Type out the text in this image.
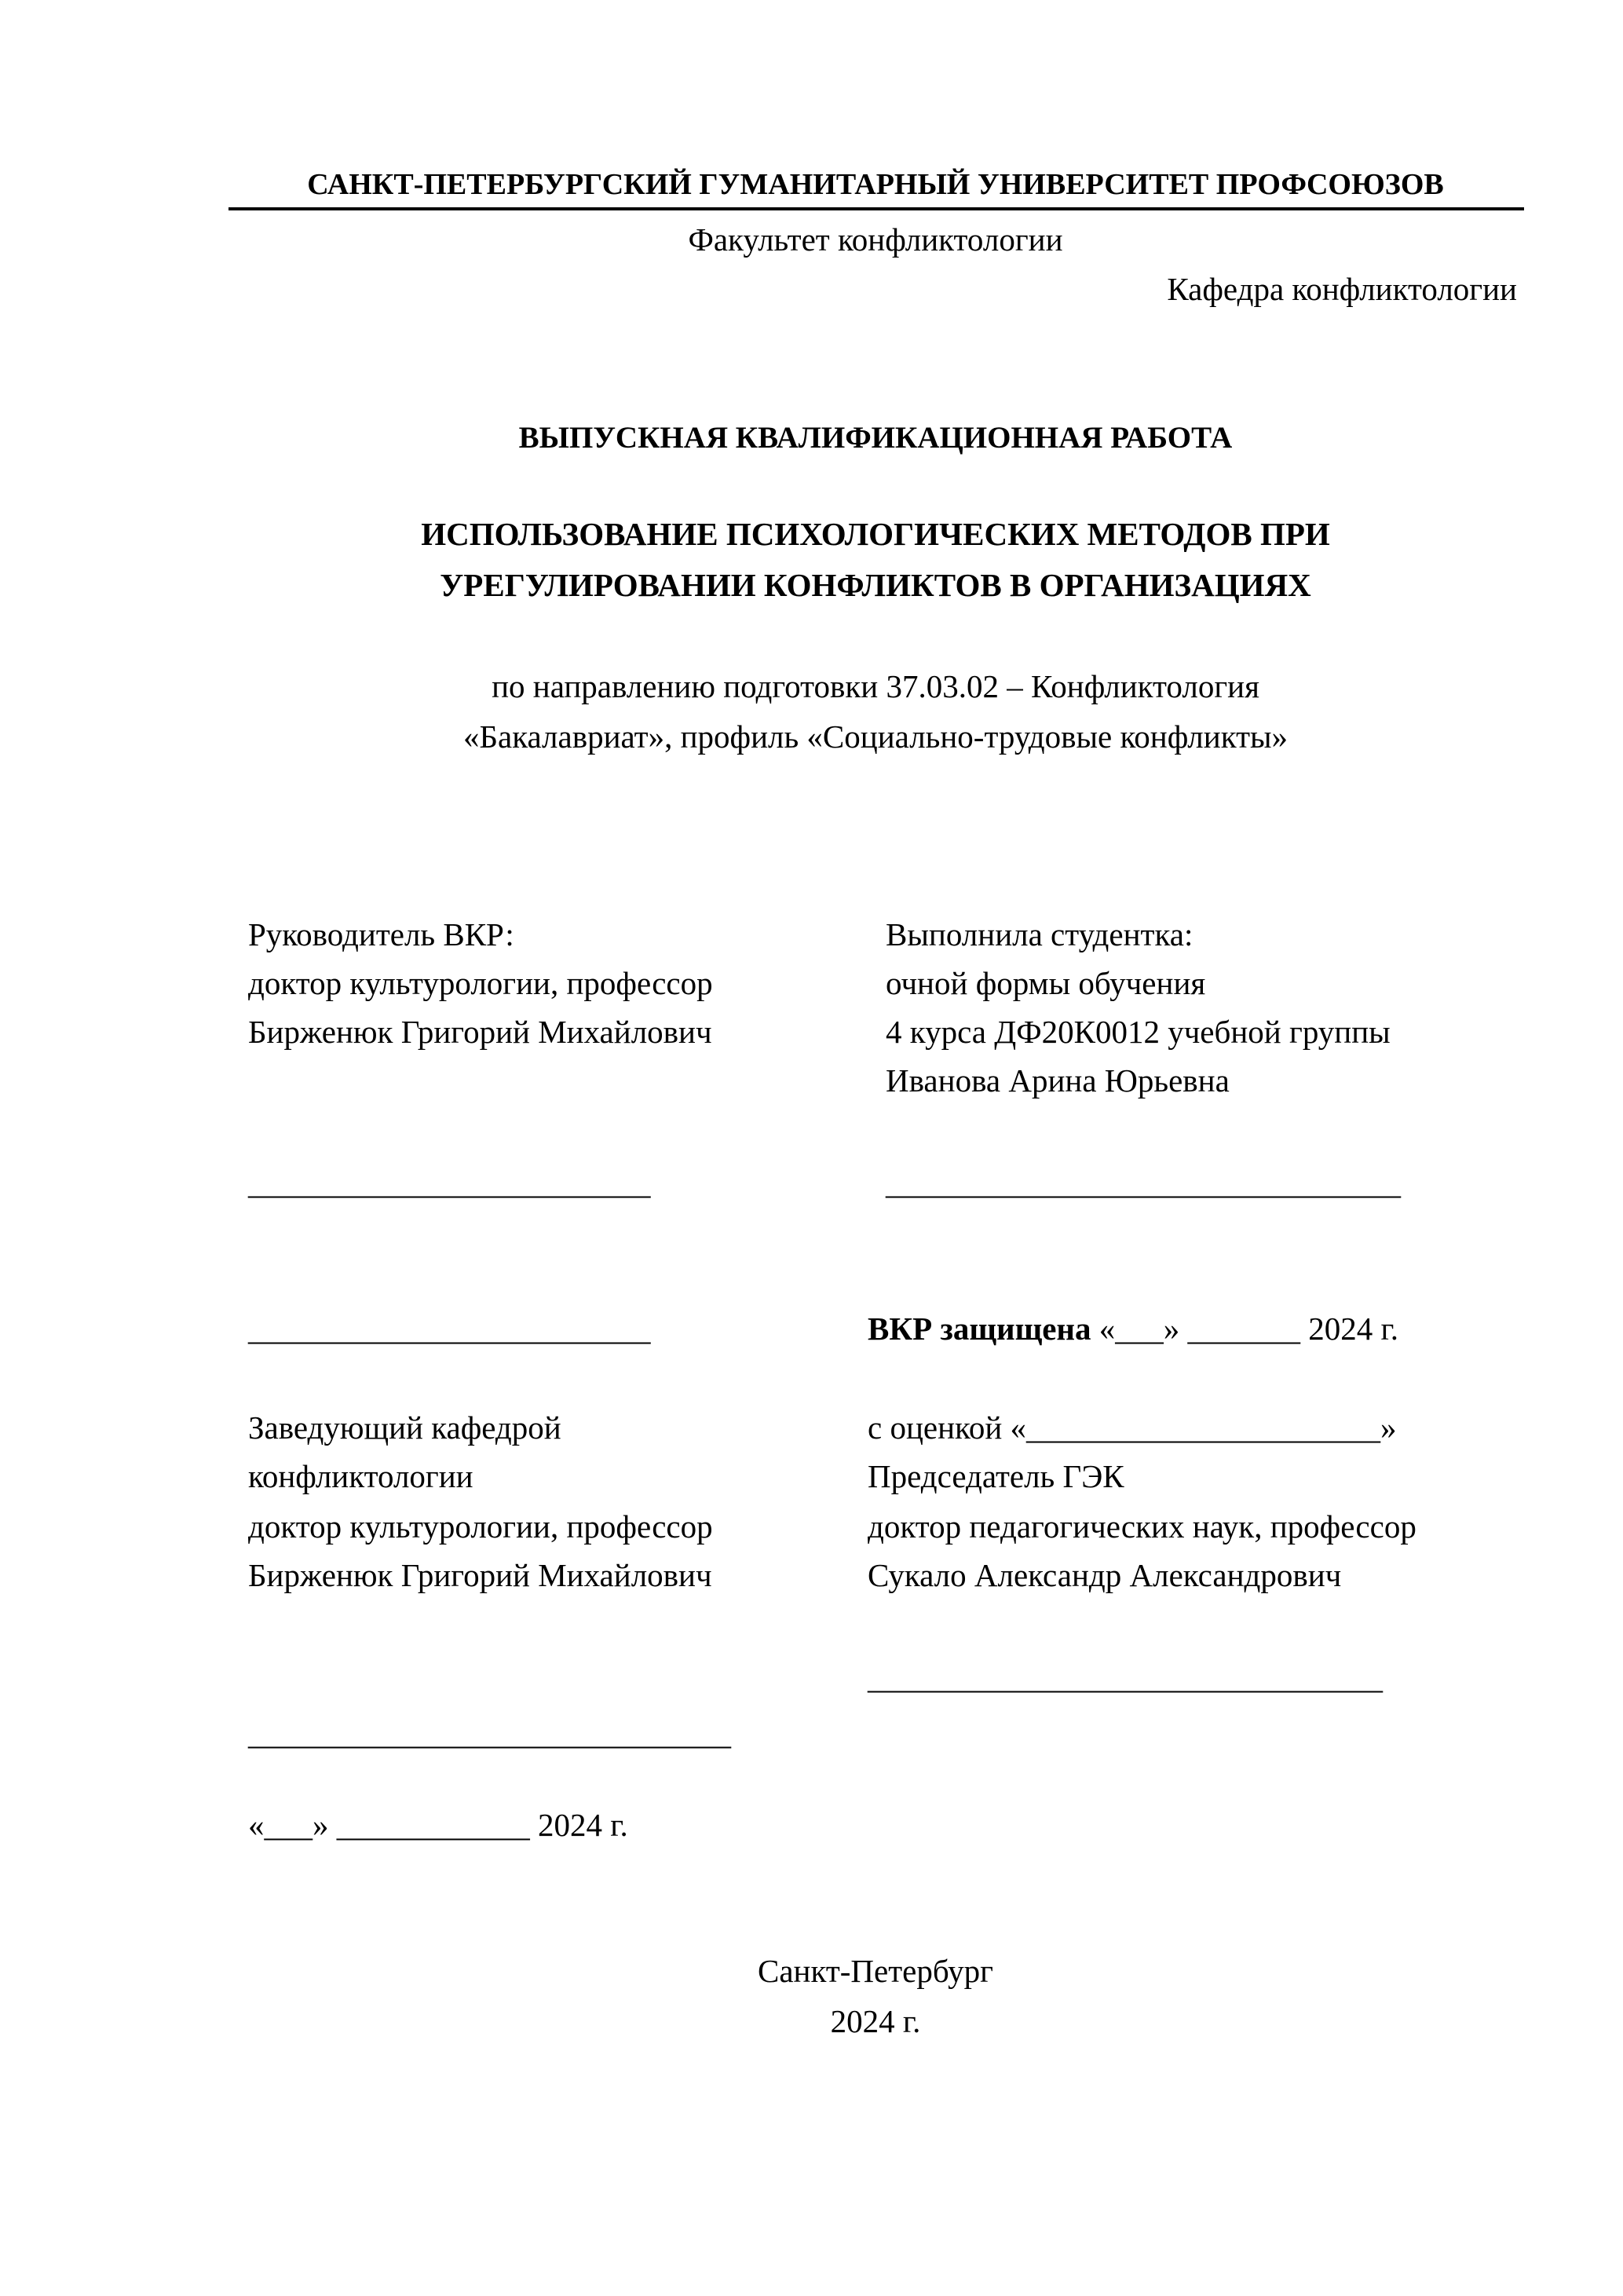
САНКТ-ПЕТЕРБУРГСКИЙ ГУМАНИТАРНЫЙ УНИВЕРСИТЕТ ПРОФСОЮЗОВ
Факультет конфликтологии
Кафедра конфликтологии
ВЫПУСКНАЯ КВАЛИФИКАЦИОННАЯ РАБОТА
ИСПОЛЬЗОВАНИЕ ПСИХОЛОГИЧЕСКИХ МЕТОДОВ ПРИ
УРЕГУЛИРОВАНИИ КОНФЛИКТОВ В ОРГАНИЗАЦИЯХ
по направлению подготовки 37.03.02 – Конфликтология
«Бакалавриат», профиль «Социально-трудовые конфликты»
Руководитель ВКР:
доктор культурологии, профессор
Бирженюк Григорий Михайлович
_________________________
_________________________
Выполнила студентка:
очной формы обучения
4 курса ДФ20К0012 учебной группы
Иванова Арина Юрьевна
________________________________
ВКР защищена «___» _______ 2024 г.
с оценкой «______________________»
Председатель ГЭК
доктор педагогических наук, профессор
Сукало Александр Александрович
________________________________
Заведующий кафедрой
конфликтологии
доктор культурологии, профессор
Бирженюк Григорий Михайлович
______________________________
«___» ____________ 2024 г.
Санкт-Петербург
2024 г.
